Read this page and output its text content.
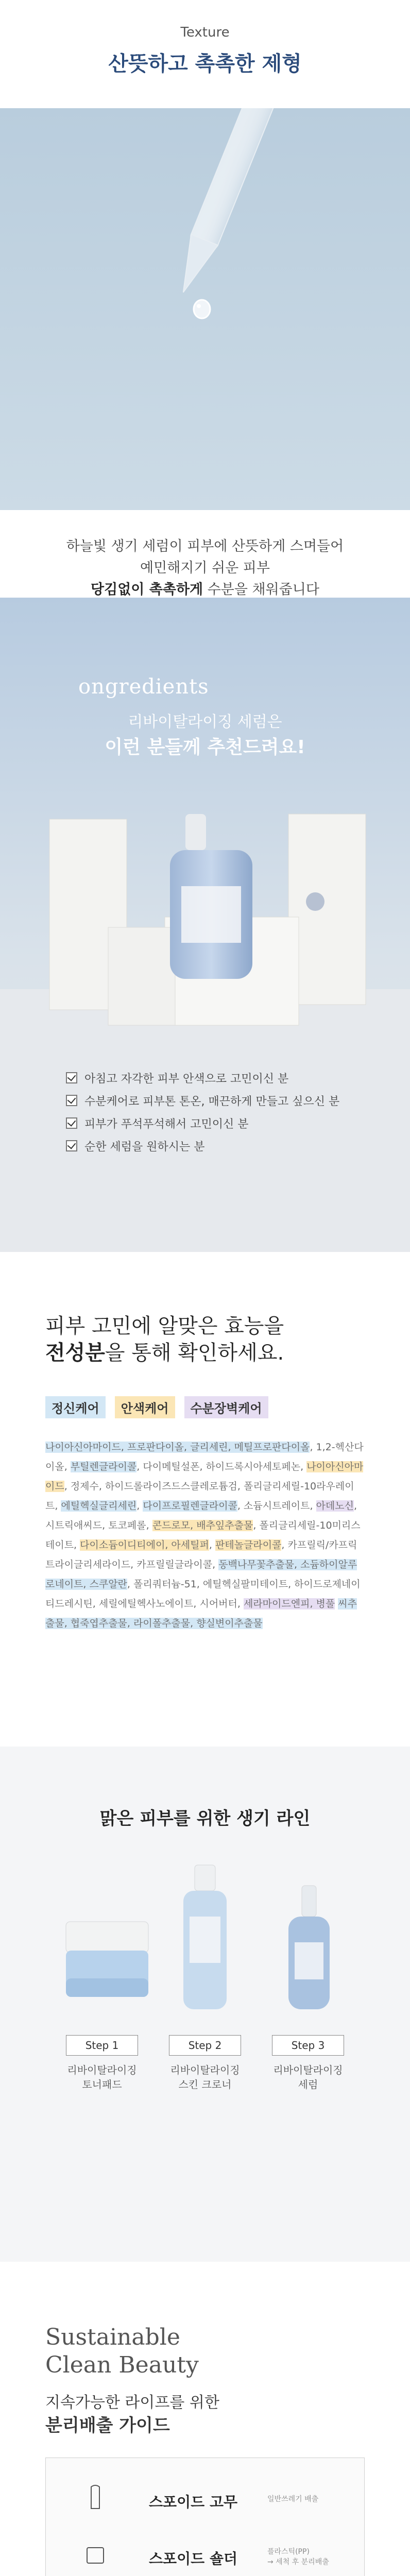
Texture
산뜻하고 촉촉한 제형
하늘빛 생기 세럼이 피부에 산뜻하게 스며들어
예민해지기 쉬운 피부
당김없이 촉촉하게 수분을 채워줍니다
ongredients
리바이탈라이징 세럼은
이런 분들께 추천드려요!
아침고 자각한 피부 안색으로 고민이신 분
수분케어로 피부톤 톤온, 매끈하게 만들고 싶으신 분
피부가 푸석푸석해서 고민이신 분
순한 세럼을 원하시는 분
피부 고민에 알맞은 효능을
전성분을 통해 확인하세요.
정신케어	안색케어	수분장벽케어
나이아신아마이드, 프로판다이올, 글리세린, 메틸프로판다이올, 1,2-헥산다이올, 부틸렌글라이콜, 다이메틸설폰, 하이드록시아세토페논, 나이아신아마이드, 정제수, 하이드롤라이즈드스클레로튬검, 폴리글리세릴-10라우레이트, 에틸헥실글리세린, 다이프로필렌글라이콜, 소듐시트레이트, 아데노신, 시트릭애씨드, 토코페롤, 콘드로모, 배추잎추출물, 폴리글리세릴-10미리스테이트, 다이소듐이디티에이, 아세틸퍼, 판테놀글라이콜, 카프릴릭/카프릭트라이글리세라이드, 카프릴릴글라이콜, 동백나무꽃추출물, 소듐하이알루로네이트, 스쿠알란, 폴리쿼터늄-51, 에틸헥실팔미테이트, 하이드로제네이티드레시틴, 세릴에틸헥사노에이트, 시어버터, 세라마이드엔피, 병풀 씨추출물, 협죽엽추출물, 라이폴추출물, 향실변이추출물
맑은 피부를 위한 생기 라인
Step 1	Step 2	Step 3
리바이탈라이징
토너패드
리바이탈라이징
스킨 크로너
리바이탈라이징
세럼
Sustainable
Clean Beauty
지속가능한 라이프를 위한
분리배출 가이드
스포이드 고무	일반쓰레기 배출
스포이드 숄더	플라스틱(PP)
→ 세척 후 분리배출
